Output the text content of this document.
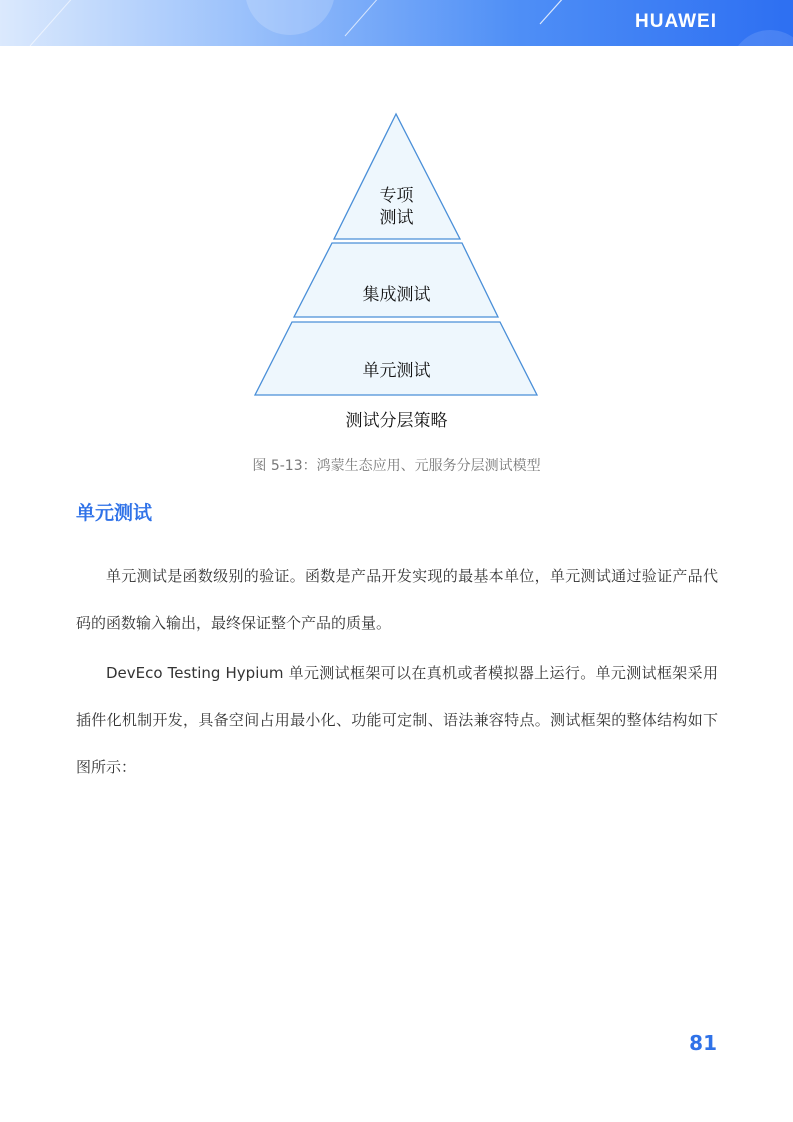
HUAWEI
专项
测试
集成测试
单元测试
测试分层策略
图 5-13：鸿蒙生态应用、元服务分层测试模型
单元测试

单元测试是函数级别的验证。函数是产品开发实现的最基本单位，单元测试通过验证产品代码的函数输入输出，最终保证整个产品的质量。

DevEco Testing Hypium 单元测试框架可以在真机或者模拟器上运行。单元测试框架采用插件化机制开发，具备空间占用最小化、功能可定制、语法兼容特点。测试框架的整体结构如下图所示：

81
